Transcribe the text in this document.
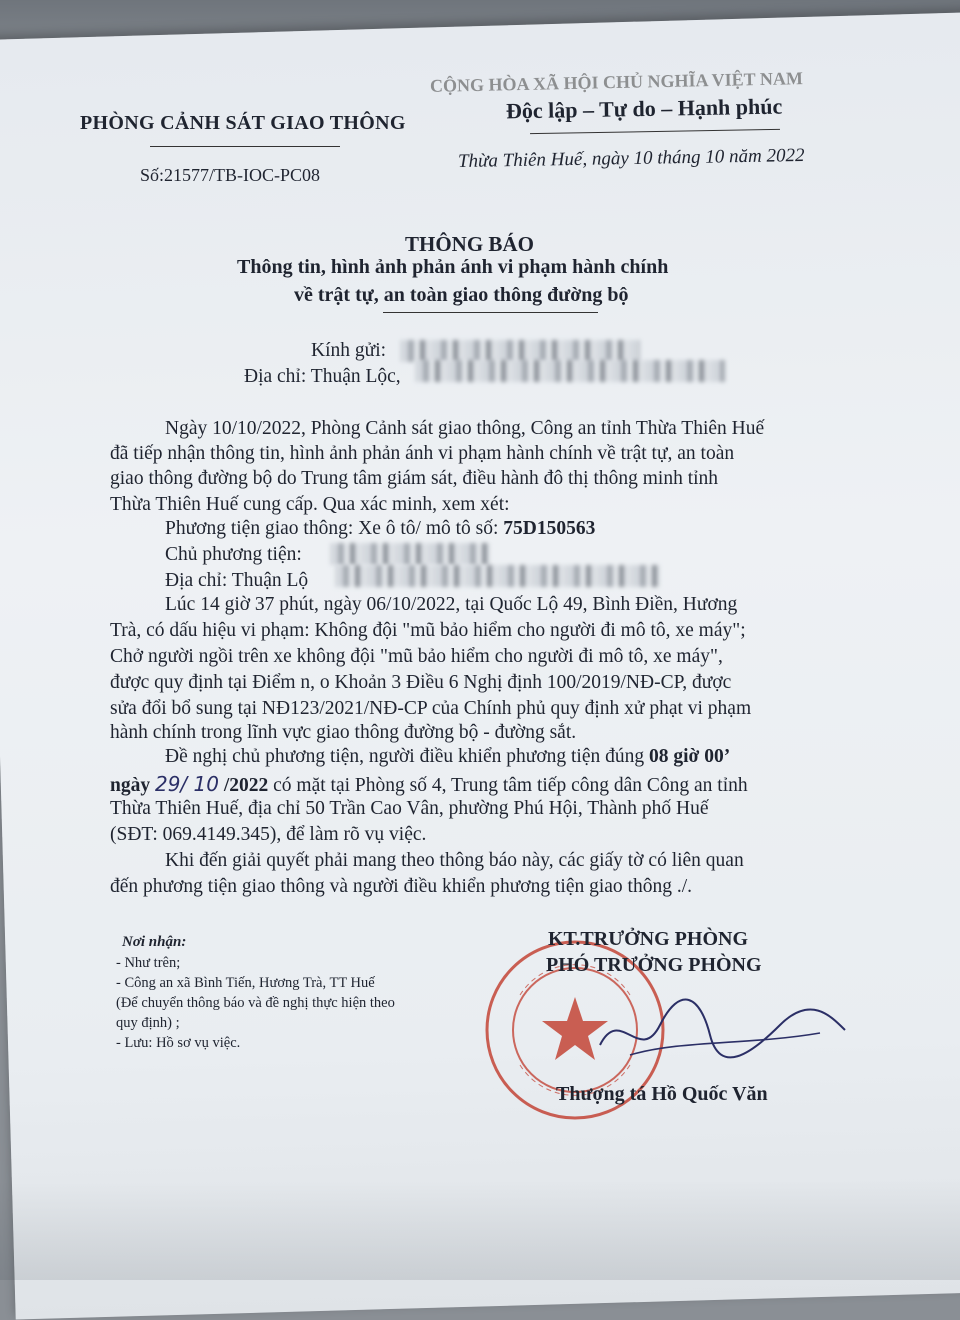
CỘNG HÒA XÃ HỘI CHỦ NGHĨA VIỆT NAM
PHÒNG CẢNH SÁT GIAO THÔNG	Độc lập – Tự do – Hạnh phúc
Số:21577/TB-IOC-PC08
Thừa Thiên Huế, ngày 10 tháng 10 năm 2022
THÔNG BÁO
Thông tin, hình ảnh phản ánh vi phạm hành chính
về trật tự, an toàn giao thông đường bộ
Kính gửi:
Địa chỉ: Thuận Lộc,
Ngày 10/10/2022, Phòng Cảnh sát giao thông, Công an tỉnh Thừa Thiên Huế
đã tiếp nhận thông tin, hình ảnh phản ánh vi phạm hành chính về trật tự, an toàn
giao thông đường bộ do Trung tâm giám sát, điều hành đô thị thông minh tỉnh
Thừa Thiên Huế cung cấp. Qua xác minh, xem xét:
Phương tiện giao thông: Xe ô tô/ mô tô số: 75D150563
Chủ phương tiện:
Địa chỉ: Thuận Lộ
Lúc 14 giờ 37 phút, ngày 06/10/2022, tại Quốc Lộ 49, Bình Điền, Hương
Trà, có dấu hiệu vi phạm: Không đội "mũ bảo hiểm cho người đi mô tô, xe máy";
Chở người ngồi trên xe không đội "mũ bảo hiểm cho người đi mô tô, xe máy",
được quy định tại Điểm n, o Khoản 3 Điều 6 Nghị định 100/2019/NĐ-CP, được
sửa đổi bổ sung tại NĐ123/2021/NĐ-CP của Chính phủ quy định xử phạt vi phạm
hành chính trong lĩnh vực giao thông đường bộ - đường sắt.
Đề nghị chủ phương tiện, người điều khiển phương tiện đúng 08 giờ 00’
ngày 29/ 10 /2022 có mặt tại Phòng số 4, Trung tâm tiếp công dân Công an tỉnh
Thừa Thiên Huế, địa chỉ 50 Trần Cao Vân, phường Phú Hội, Thành phố Huế
(SĐT: 069.4149.345), để làm rõ vụ việc.
Khi đến giải quyết phải mang theo thông báo này, các giấy tờ có liên quan
đến phương tiện giao thông và người điều khiển phương tiện giao thông ./.
Nơi nhận:
- Như trên;
- Công an xã Bình Tiến, Hương Trà, TT Huế
(Để chuyển thông báo và đề nghị thực hiện theo
quy định) ;
- Lưu: Hồ sơ vụ việc.
KT.TRƯỞNG PHÒNG
PHÓ TRƯỞNG PHÒNG
Thượng tá Hồ Quốc Văn
